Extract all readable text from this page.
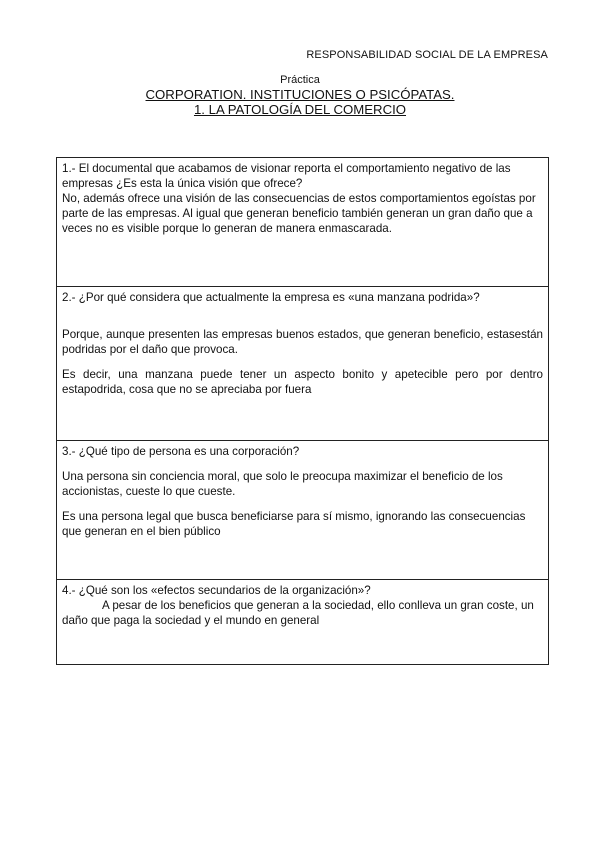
RESPONSABILIDAD SOCIAL DE LA EMPRESA
Práctica
CORPORATION. INSTITUCIONES O PSICÓPATAS.
1. LA PATOLOGÍA DEL COMERCIO

1.- El documental que acabamos de visionar reporta el comportamiento negativo de las empresas ¿Es esta la única visión que ofrece?

No, además ofrece una visión de las consecuencias de estos comportamientos egoístas por parte de las empresas. Al igual que generan beneficio también generan un gran daño que a veces no es visible porque lo generan de manera enmascarada.

2.- ¿Por qué considera que actualmente la empresa es «una manzana podrida»?

Porque, aunque presenten las empresas buenos estados, que generan beneficio, estasestán podridas por el daño que provoca.

Es decir, una manzana puede tener un aspecto bonito y apetecible pero por dentro estapodrida, cosa que no se apreciaba por fuera

3.- ¿Qué tipo de persona es una corporación?

Una persona sin conciencia moral, que solo le preocupa maximizar el beneficio de los accionistas, cueste lo que cueste.

Es una persona legal que busca beneficiarse para sí mismo, ignorando las consecuencias que generan en el bien público

4.- ¿Qué son los «efectos secundarios de la organización»?

A pesar de los beneficios que generan a la sociedad, ello conlleva un gran coste, un daño que paga la sociedad y el mundo en general
